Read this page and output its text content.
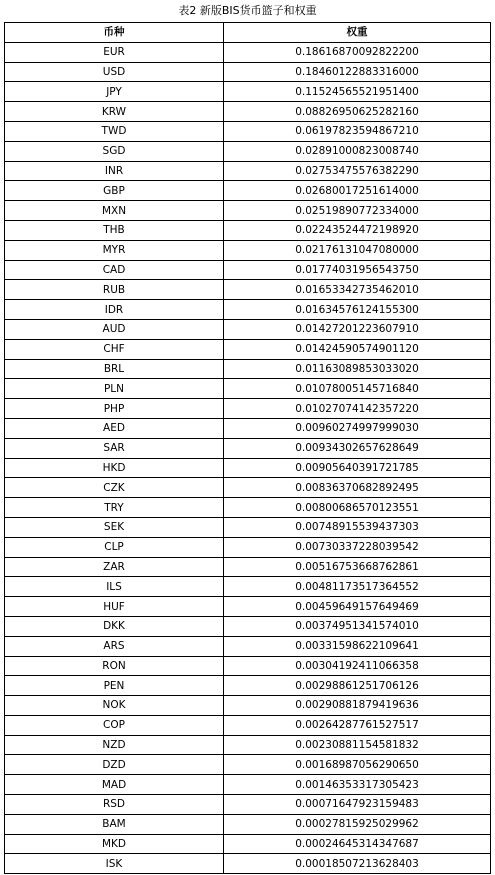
表2 新版BIS货币篮子和权重
币种	权重
EUR	0.18616870092822200
USD	0.18460122883316000
JPY	0.11524565521951400
KRW	0.08826950625282160
TWD	0.06197823594867210
SGD	0.02891000823008740
INR	0.02753475576382290
GBP	0.02680017251614000
MXN	0.02519890772334000
THB	0.02243524472198920
MYR	0.02176131047080000
CAD	0.01774031956543750
RUB	0.01653342735462010
IDR	0.01634576124155300
AUD	0.01427201223607910
CHF	0.01424590574901120
BRL	0.01163089853033020
PLN	0.01078005145716840
PHP	0.01027074142357220
AED	0.00960274997999030
SAR	0.00934302657628649
HKD	0.00905640391721785
CZK	0.00836370682892495
TRY	0.00800686570123551
SEK	0.00748915539437303
CLP	0.00730337228039542
ZAR	0.00516753668762861
ILS	0.00481173517364552
HUF	0.00459649157649469
DKK	0.00374951341574010
ARS	0.00331598622109641
RON	0.00304192411066358
PEN	0.00298861251706126
NOK	0.00290881879419636
COP	0.00264287761527517
NZD	0.00230881154581832
DZD	0.00168987056290650
MAD	0.00146353317305423
RSD	0.00071647923159483
BAM	0.00027815925029962
MKD	0.00024645314347687
ISK	0.00018507213628403
